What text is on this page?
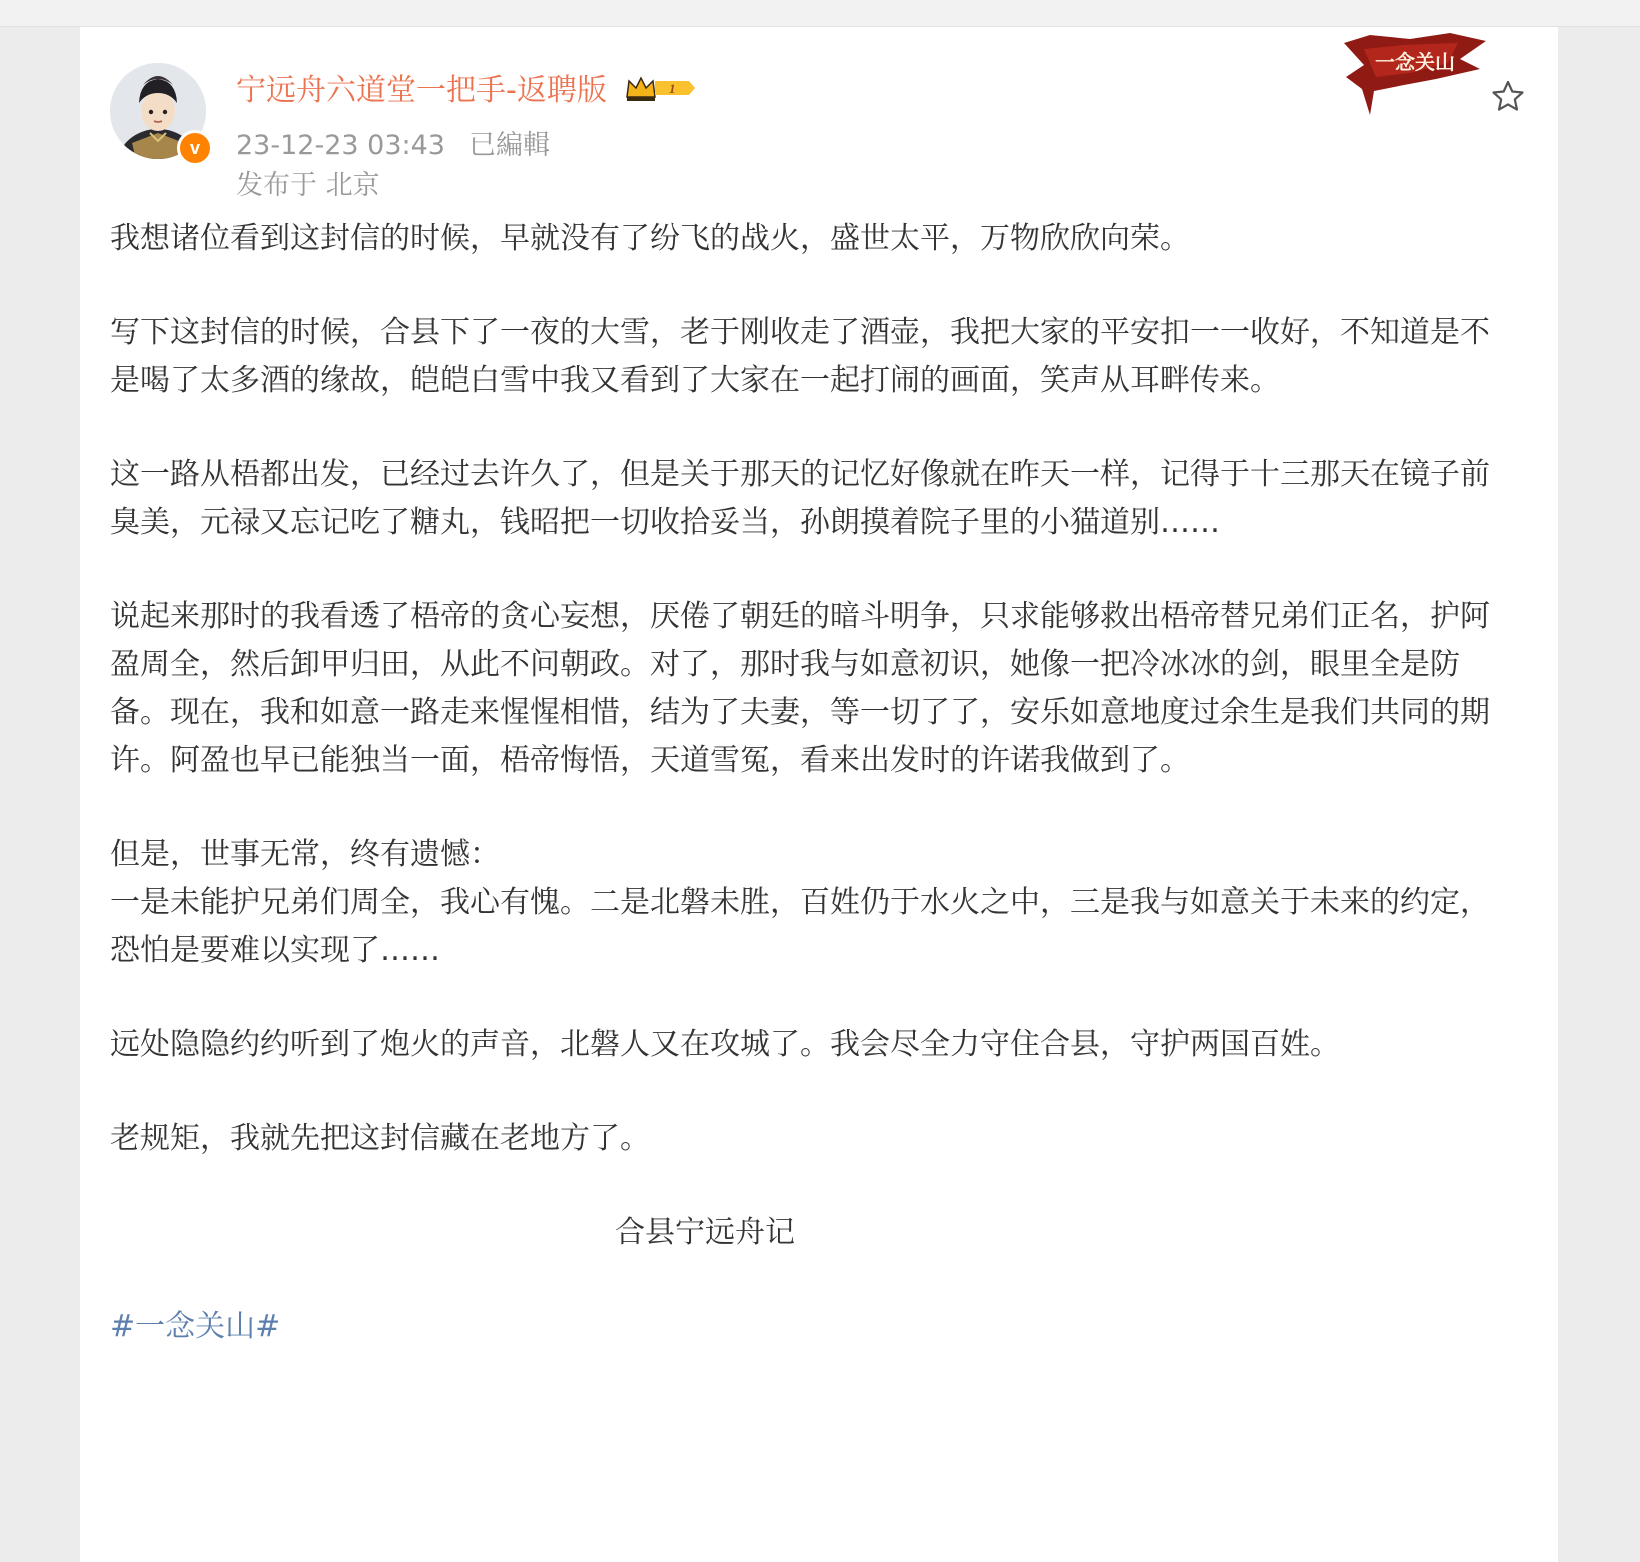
v
宁远舟六道堂一把手-返聘版	1
23-12-23 03:43 已編輯
发布于 北京
一念关山

我想诸位看到这封信的时候，早就没有了纷飞的战火，盛世太平，万物欣欣向荣。

写下这封信的时候，合县下了一夜的大雪，老于刚收走了酒壶，我把大家的平安扣一一收好，不知道是不是喝了太多酒的缘故，皑皑白雪中我又看到了大家在一起打闹的画面，笑声从耳畔传来。

这一路从梧都出发，已经过去许久了，但是关于那天的记忆好像就在昨天一样，记得于十三那天在镜子前臭美，元禄又忘记吃了糖丸，钱昭把一切收拾妥当，孙朗摸着院子里的小猫道别……

说起来那时的我看透了梧帝的贪心妄想，厌倦了朝廷的暗斗明争，只求能够救出梧帝替兄弟们正名，护阿盈周全，然后卸甲归田，从此不问朝政。对了，那时我与如意初识，她像一把冷冰冰的剑，眼里全是防备。现在，我和如意一路走来惺惺相惜，结为了夫妻，等一切了了，安乐如意地度过余生是我们共同的期许。阿盈也早已能独当一面，梧帝悔悟，天道雪冤，看来出发时的许诺我做到了。

但是，世事无常，终有遗憾：

一是未能护兄弟们周全，我心有愧。二是北磐未胜，百姓仍于水火之中，三是我与如意关于未来的约定，恐怕是要难以实现了……

远处隐隐约约听到了炮火的声音，北磐人又在攻城了。我会尽全力守住合县，守护两国百姓。

老规矩，我就先把这封信藏在老地方了。

合县宁远舟记

#一念关山#
